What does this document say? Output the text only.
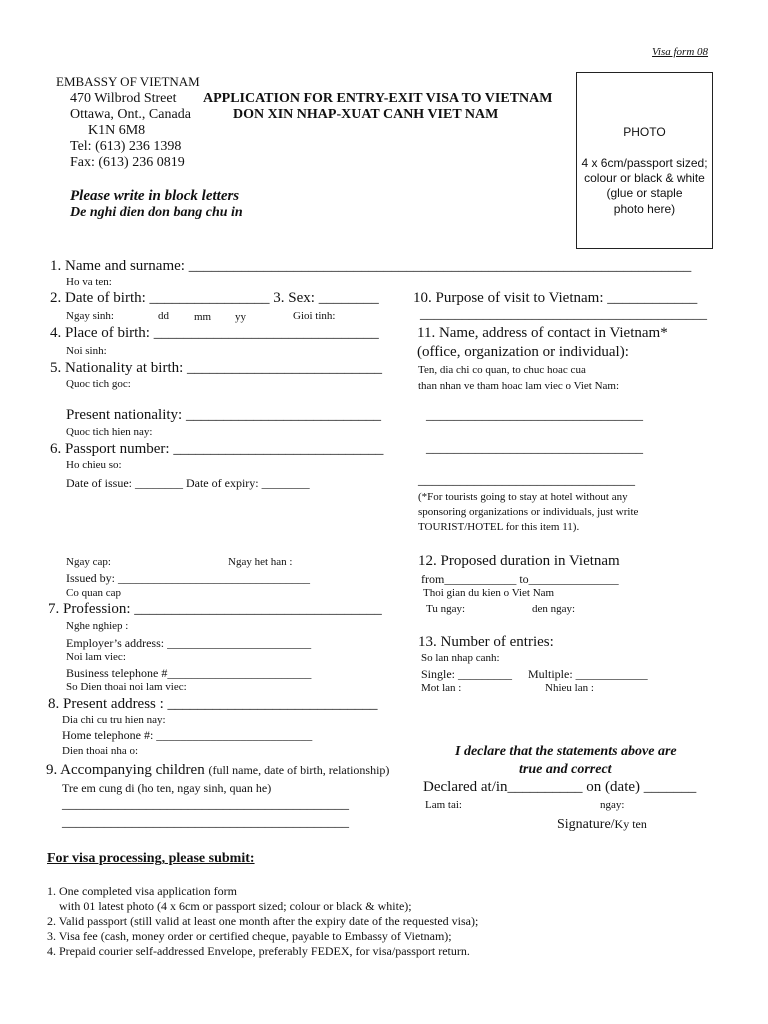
Visa form 08
EMBASSY OF VIETNAM
470 Wilbrod Street
Ottawa, Ont., Canada
K1N 6M8
Tel: (613) 236 1398
Fax: (613) 236 0819
APPLICATION FOR ENTRY-EXIT VISA TO VIETNAM
DON XIN NHAP-XUAT CANH VIET NAM
Please write in block letters
De nghi dien don bang chu in
PHOTO
4 x 6cm/passport sized;
colour or black & white
(glue or staple
photo here)
1. Name and surname: ___________________________________________________________________
Ho va ten:
2. Date of birth: ________________ 3. Sex: ________
Ngay sinh:	dd mm yy	Gioi tinh:
4. Place of birth: ______________________________
Noi sinh:
5. Nationality at birth: __________________________
Quoc tich goc:
Present nationality: __________________________
Quoc tich hien nay:
6. Passport number: ____________________________
Ho chieu so:
Date of issue: ________ Date of expiry: ________
Ngay cap:	Ngay het han :
Issued by: ________________________________
Co quan cap
7. Profession: _________________________________
Nghe nghiep :
Employer’s address: ________________________
Noi lam viec:
Business telephone #________________________
So Dien thoai noi lam viec:
8. Present address : ____________________________
Dia chi cu tru hien nay:
Home telephone #: __________________________
Dien thoai nha o:
9. Accompanying children (full name, date of birth, relationship)
Tre em cung di (ho ten, ngay sinh, quan he)
_________________________________________
_________________________________________
10. Purpose of visit to Vietnam: ____________
_________________________________________
11. Name, address of contact in Vietnam*
(office, organization or individual):
Ten, dia chi co quan, to chuc hoac cua
than nhan ve tham hoac lam viec o Viet Nam:
_______________________________
_______________________________
_______________________________
(*For tourists going to stay at hotel without any
sponsoring organizations or individuals, just write
TOURIST/HOTEL for this item 11).
12. Proposed duration in Vietnam
from____________ to_______________
Thoi gian du kien o Viet Nam
Tu ngay:	den ngay:
13. Number of entries:
So lan nhap canh:
Single: _________ Multiple: ____________
Mot lan :	Nhieu lan :
I declare that the statements above are
true and correct
Declared at/in__________ on (date) _______
Lam tai:	ngay:
Signature/Ky ten
For visa processing, please submit:
1. One completed visa application form
with 01 latest photo (4 x 6cm or passport sized; colour or black & white);
2. Valid passport (still valid at least one month after the expiry date of the requested visa);
3. Visa fee (cash, money order or certified cheque, payable to Embassy of Vietnam);
4. Prepaid courier self-addressed Envelope, preferably FEDEX, for visa/passport return.
